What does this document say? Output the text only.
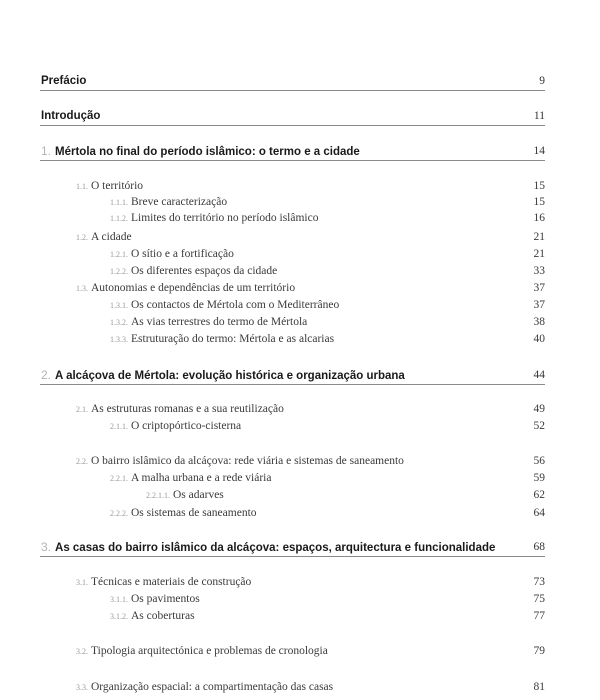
Prefácio	9
Introdução	11
1. Mértola no final do período islâmico: o termo e a cidade	14
1.1. O território	15
1.1.1. Breve caracterização	15
1.1.2. Limites do território no período islâmico	16
1.2. A cidade	21
1.2.1. O sítio e a fortificação	21
1.2.2. Os diferentes espaços da cidade	33
1.3. Autonomias e dependências de um território	37
1.3.1. Os contactos de Mértola com o Mediterrâneo	37
1.3.2. As vias terrestres do termo de Mértola	38
1.3.3. Estruturação do termo: Mértola e as alcarias	40
2. A alcáçova de Mértola: evolução histórica e organização urbana	44
2.1. As estruturas romanas e a sua reutilização	49
2.1.1. O criptopórtico-cisterna	52
2.2. O bairro islâmico da alcáçova: rede viária e sistemas de saneamento	56
2.2.1. A malha urbana e a rede viária	59
2.2.1.1. Os adarves	62
2.2.2. Os sistemas de saneamento	64
3. As casas do bairro islâmico da alcáçova: espaços, arquitectura e funcionalidade	68
3.1. Técnicas e materiais de construção	73
3.1.1. Os pavimentos	75
3.1.2. As coberturas	77
3.2. Tipologia arquitectónica e problemas de cronologia	79
3.3. Organização espacial: a compartimentação das casas	81
